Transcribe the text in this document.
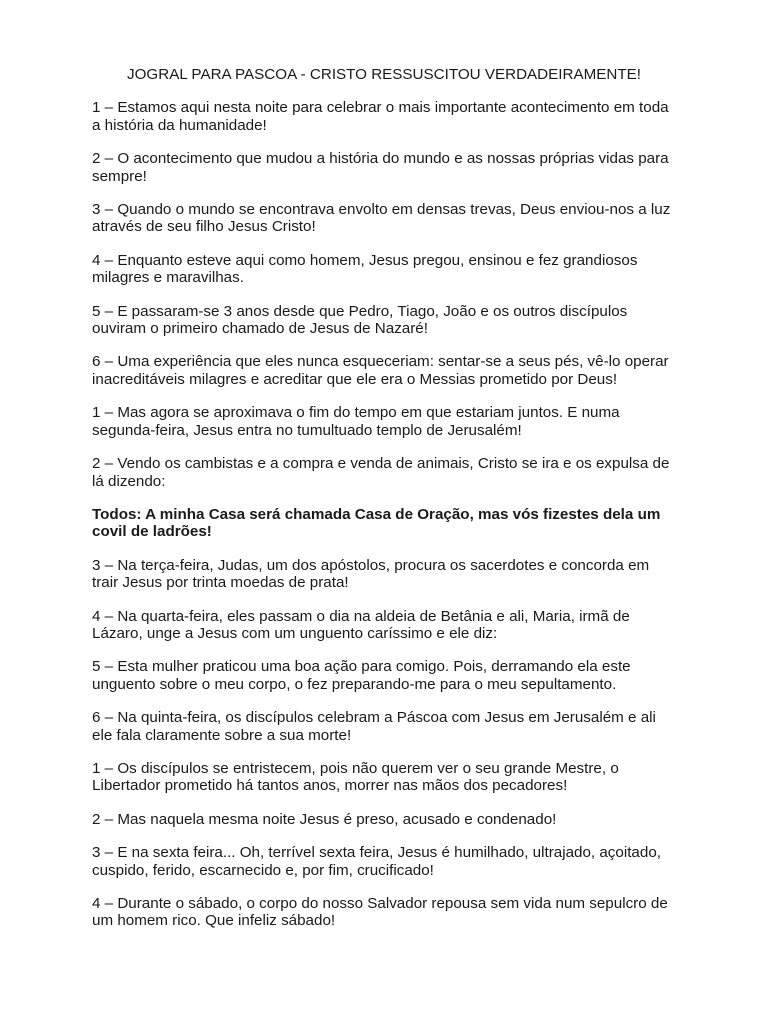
JOGRAL PARA PASCOA - CRISTO RESSUSCITOU VERDADEIRAMENTE!

1 – Estamos aqui nesta noite para celebrar o mais importante acontecimento em toda a história da humanidade!

2 – O acontecimento que mudou a história do mundo e as nossas próprias vidas para sempre!

3 – Quando o mundo se encontrava envolto em densas trevas, Deus enviou-nos a luz através de seu filho Jesus Cristo!

4 – Enquanto esteve aqui como homem, Jesus pregou, ensinou e fez grandiosos milagres e maravilhas.

5 – E passaram-se 3 anos desde que Pedro, Tiago, João e os outros discípulos ouviram o primeiro chamado de Jesus de Nazaré!

6 – Uma experiência que eles nunca esqueceriam: sentar-se a seus pés, vê-lo operar inacreditáveis milagres e acreditar que ele era o Messias prometido por Deus!

1 – Mas agora se aproximava o fim do tempo em que estariam juntos. E numa segunda-feira, Jesus entra no tumultuado templo de Jerusalém!

2 – Vendo os cambistas e a compra e venda de animais, Cristo se ira e os expulsa de lá dizendo:

Todos: A minha Casa será chamada Casa de Oração, mas vós fizestes dela um covil de ladrões!

3 – Na terça-feira, Judas, um dos apóstolos, procura os sacerdotes e concorda em trair Jesus por trinta moedas de prata!

4 – Na quarta-feira, eles passam o dia na aldeia de Betânia e ali, Maria, irmã de Lázaro, unge a Jesus com um unguento caríssimo e ele diz:

5 – Esta mulher praticou uma boa ação para comigo. Pois, derramando ela este unguento sobre o meu corpo, o fez preparando-me para o meu sepultamento.

6 – Na quinta-feira, os discípulos celebram a Páscoa com Jesus em Jerusalém e ali ele fala claramente sobre a sua morte!

1 – Os discípulos se entristecem, pois não querem ver o seu grande Mestre, o Libertador prometido há tantos anos, morrer nas mãos dos pecadores!

2 – Mas naquela mesma noite Jesus é preso, acusado e condenado!

3 – E na sexta feira... Oh, terrível sexta feira, Jesus é humilhado, ultrajado, açoitado, cuspido, ferido, escarnecido e, por fim, crucificado!

4 – Durante o sábado, o corpo do nosso Salvador repousa sem vida num sepulcro de um homem rico. Que infeliz sábado!
